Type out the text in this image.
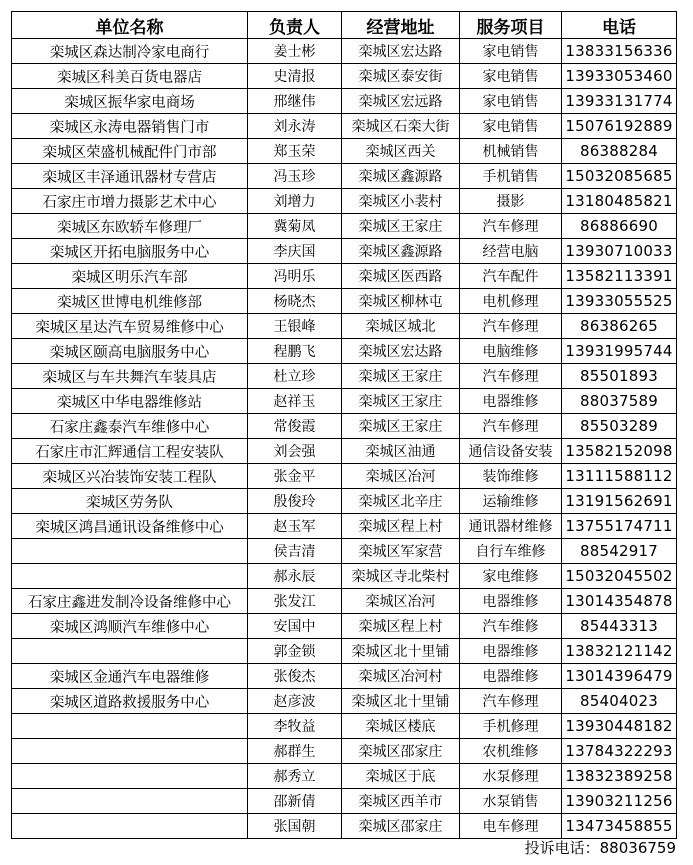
单位名称	负责人	经营地址	服务项目	电话
栾城区森达制冷家电商行	姜士彬	栾城区宏达路	家电销售	13833156336
栾城区科美百货电器店	史清报	栾城区泰安街	家电销售	13933053460
栾城区振华家电商场	邢继伟	栾城区宏远路	家电销售	13933131774
栾城区永涛电器销售门市	刘永涛	栾城区石栾大街	家电销售	15076192889
栾城区荣盛机械配件门市部	郑玉荣	栾城区西关	机械销售	86388284
栾城区丰泽通讯器材专营店	冯玉珍	栾城区鑫源路	手机销售	15032085685
石家庄市增力摄影艺术中心	刘增力	栾城区小裴村	摄影	13180485821
栾城区东欧轿车修理厂	冀菊凤	栾城区王家庄	汽车修理	86886690
栾城区开拓电脑服务中心	李庆国	栾城区鑫源路	经营电脑	13930710033
栾城区明乐汽车部	冯明乐	栾城区医西路	汽车配件	13582113391
栾城区世博电机维修部	杨晓杰	栾城区柳林屯	电机修理	13933055525
栾城区星达汽车贸易维修中心	王银峰	栾城区城北	汽车修理	86386265
栾城区颐高电脑服务中心	程鹏飞	栾城区宏达路	电脑维修	13931995744
栾城区与车共舞汽车装具店	杜立珍	栾城区王家庄	汽车修理	85501893
栾城区中华电器维修站	赵祥玉	栾城区王家庄	电器维修	88037589
石家庄鑫泰汽车维修中心	常俊霞	栾城区王家庄	汽车修理	85503289
石家庄市汇辉通信工程安装队	刘会强	栾城区油通	通信设备安装	13582152098
栾城区兴冶装饰安装工程队	张金平	栾城区冶河	装饰维修	13111588112
栾城区劳务队	殷俊玲	栾城区北辛庄	运输维修	13191562691
栾城区鸿昌通讯设备维修中心	赵玉军	栾城区程上村	通讯器材维修	13755174711
	侯吉清	栾城区军家营	自行车维修	88542917
	郝永辰	栾城区寺北柴村	家电维修	15032045502
石家庄鑫进发制冷设备维修中心	张发江	栾城区冶河	电器维修	13014354878
栾城区鸿顺汽车维修中心	安国中	栾城区程上村	汽车维修	85443313
	郭金锁	栾城区北十里铺	电器维修	13832121142
栾城区金通汽车电器维修	张俊杰	栾城区冶河村	电器维修	13014396479
栾城区道路救援服务中心	赵彦波	栾城区北十里铺	汽车修理	85404023
	李牧益	栾城区楼底	手机修理	13930448182
	郝群生	栾城区邵家庄	农机维修	13784322293
	郝秀立	栾城区于底	水泵修理	13832389258
	邵新倩	栾城区西羊市	水泵销售	13903211256
	张国朝	栾城区邵家庄	电车修理	13473458855
投诉电话：88036759
